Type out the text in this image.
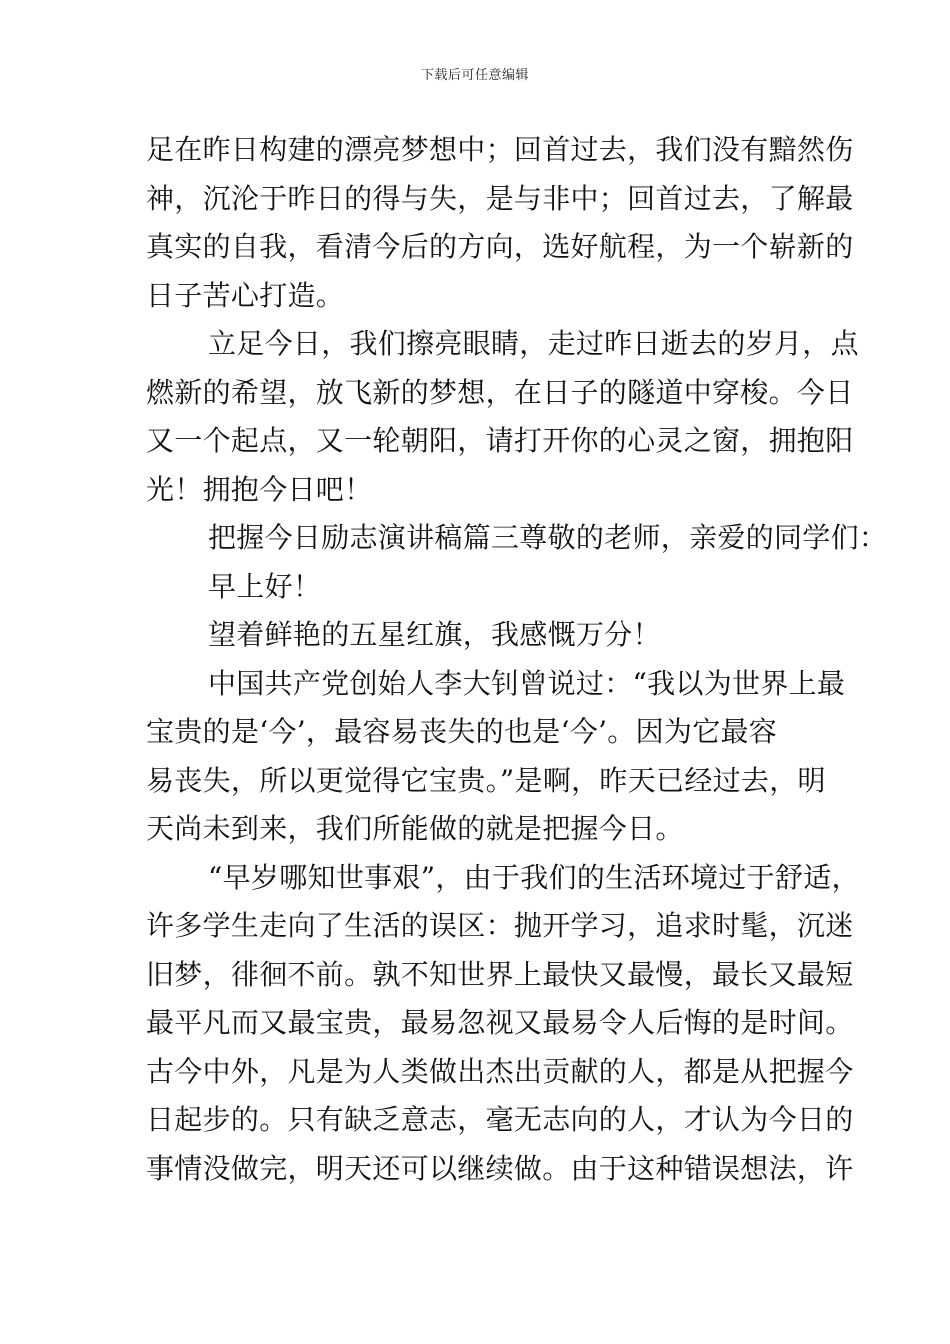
下载后可任意编辑
足在昨日构建的漂亮梦想中；回首过去，我们没有黯然伤
神，沉沦于昨日的得与失，是与非中；回首过去，了解最
真实的自我，看清今后的方向，选好航程，为一个崭新的
日子苦心打造。
立足今日，我们擦亮眼睛，走过昨日逝去的岁月，点
燃新的希望，放飞新的梦想，在日子的隧道中穿梭。今日
又一个起点，又一轮朝阳，请打开你的心灵之窗，拥抱阳
光！拥抱今日吧！
把握今日励志演讲稿篇三尊敬的老师，亲爱的同学们：
早上好！
望着鲜艳的五星红旗，我感慨万分！
中国共产党创始人李大钊曾说过：“我以为世界上最
宝贵的是‘今’，最容易丧失的也是‘今’。因为它最容
易丧失，所以更觉得它宝贵。”是啊，昨天已经过去，明
天尚未到来，我们所能做的就是把握今日。
“早岁哪知世事艰”，由于我们的生活环境过于舒适，
许多学生走向了生活的误区：抛开学习，追求时髦，沉迷
旧梦，徘徊不前。孰不知世界上最快又最慢，最长又最短
最平凡而又最宝贵，最易忽视又最易令人后悔的是时间。
古今中外，凡是为人类做出杰出贡献的人，都是从把握今
日起步的。只有缺乏意志，毫无志向的人，才认为今日的
事情没做完，明天还可以继续做。由于这种错误想法，许
